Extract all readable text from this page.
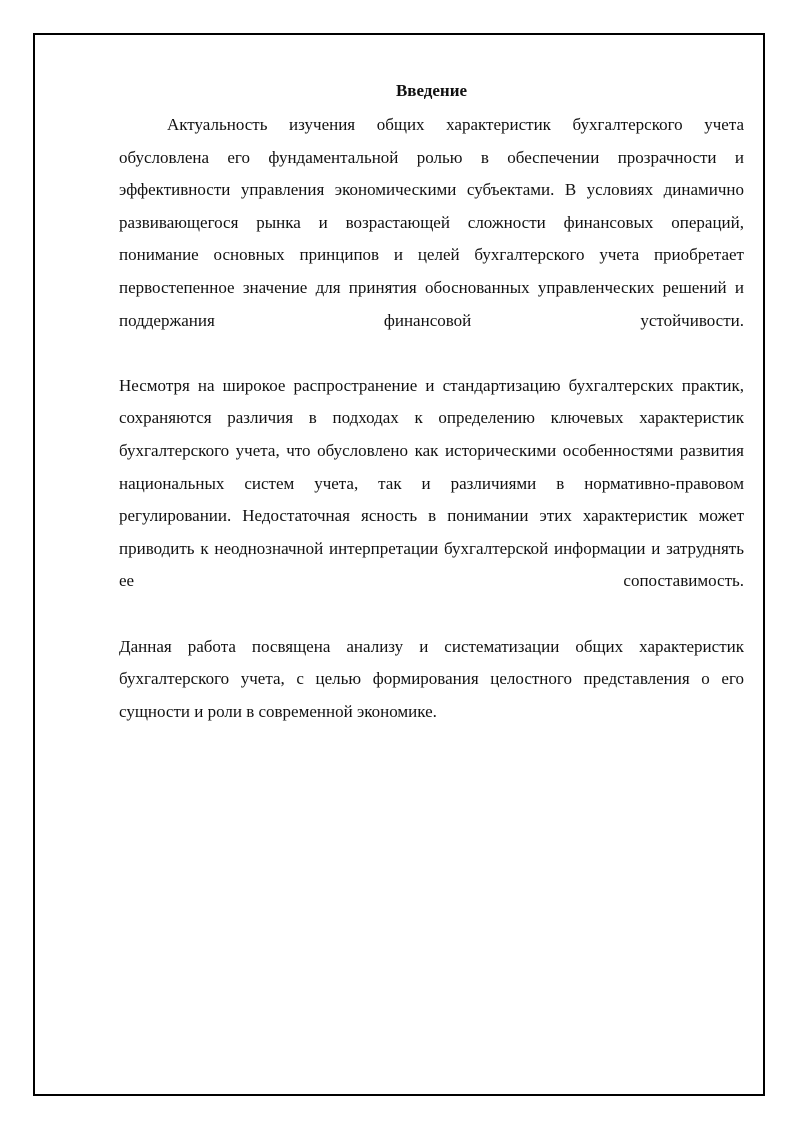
Введение

Актуальность изучения общих характеристик бухгалтерского учета обусловлена его фундаментальной ролью в обеспечении прозрачности и эффективности управления экономическими субъектами. В условиях динамично развивающегося рынка и возрастающей сложности финансовых операций, понимание основных принципов и целей бухгалтерского учета приобретает первостепенное значение для принятия обоснованных управленческих решений и поддержания финансовой устойчивости.

Несмотря на широкое распространение и стандартизацию бухгалтерских практик, сохраняются различия в подходах к определению ключевых характеристик бухгалтерского учета, что обусловлено как историческими особенностями развития национальных систем учета, так и различиями в нормативно-правовом регулировании. Недостаточная ясность в понимании этих характеристик может приводить к неоднозначной интерпретации бухгалтерской информации и затруднять ее сопоставимость.

Данная работа посвящена анализу и систематизации общих характеристик бухгалтерского учета, с целью формирования целостного представления о его сущности и роли в современной экономике.
